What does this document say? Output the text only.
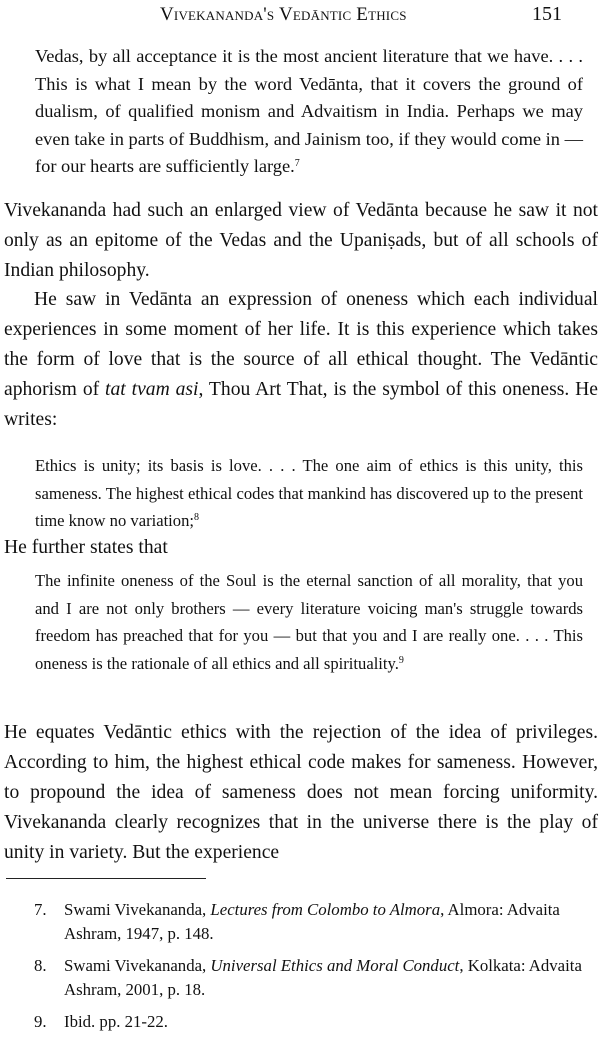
Vivekananda's Vedāntic Ethics	151
Vedas, by all acceptance it is the most ancient literature that we have. . . . This is what I mean by the word Vedānta, that it covers the ground of dualism, of qualified monism and Advaitism in India. Perhaps we may even take in parts of Buddhism, and Jainism too, if they would come in — for our hearts are sufficiently large.$^7$
Vivekananda had such an enlarged view of Vedānta because he saw it not only as an epitome of the Vedas and the Upaniṣads, but of all schools of Indian philosophy.
He saw in Vedānta an expression of oneness which each individual experiences in some moment of her life. It is this experience which takes the form of love that is the source of all ethical thought. The Vedāntic aphorism of tat tvam asi, Thou Art That, is the symbol of this oneness. He writes:
Ethics is unity; its basis is love. . . . The one aim of ethics is this unity, this sameness. The highest ethical codes that mankind has discovered up to the present time know no variation;$^8$
He further states that
The infinite oneness of the Soul is the eternal sanction of all morality, that you and I are not only brothers — every literature voicing man's struggle towards freedom has preached that for you — but that you and I are really one. . . . This oneness is the rationale of all ethics and all spirituality.$^9$
He equates Vedāntic ethics with the rejection of the idea of privileges. According to him, the highest ethical code makes for sameness. However, to propound the idea of sameness does not mean forcing uniformity. Vivekananda clearly recognizes that in the universe there is the play of unity in variety. But the experience
7. Swami Vivekananda, Lectures from Colombo to Almora, Almora: Advaita Ashram, 1947, p. 148.
8. Swami Vivekananda, Universal Ethics and Moral Conduct, Kolkata: Advaita Ashram, 2001, p. 18.
9. Ibid. pp. 21-22.
